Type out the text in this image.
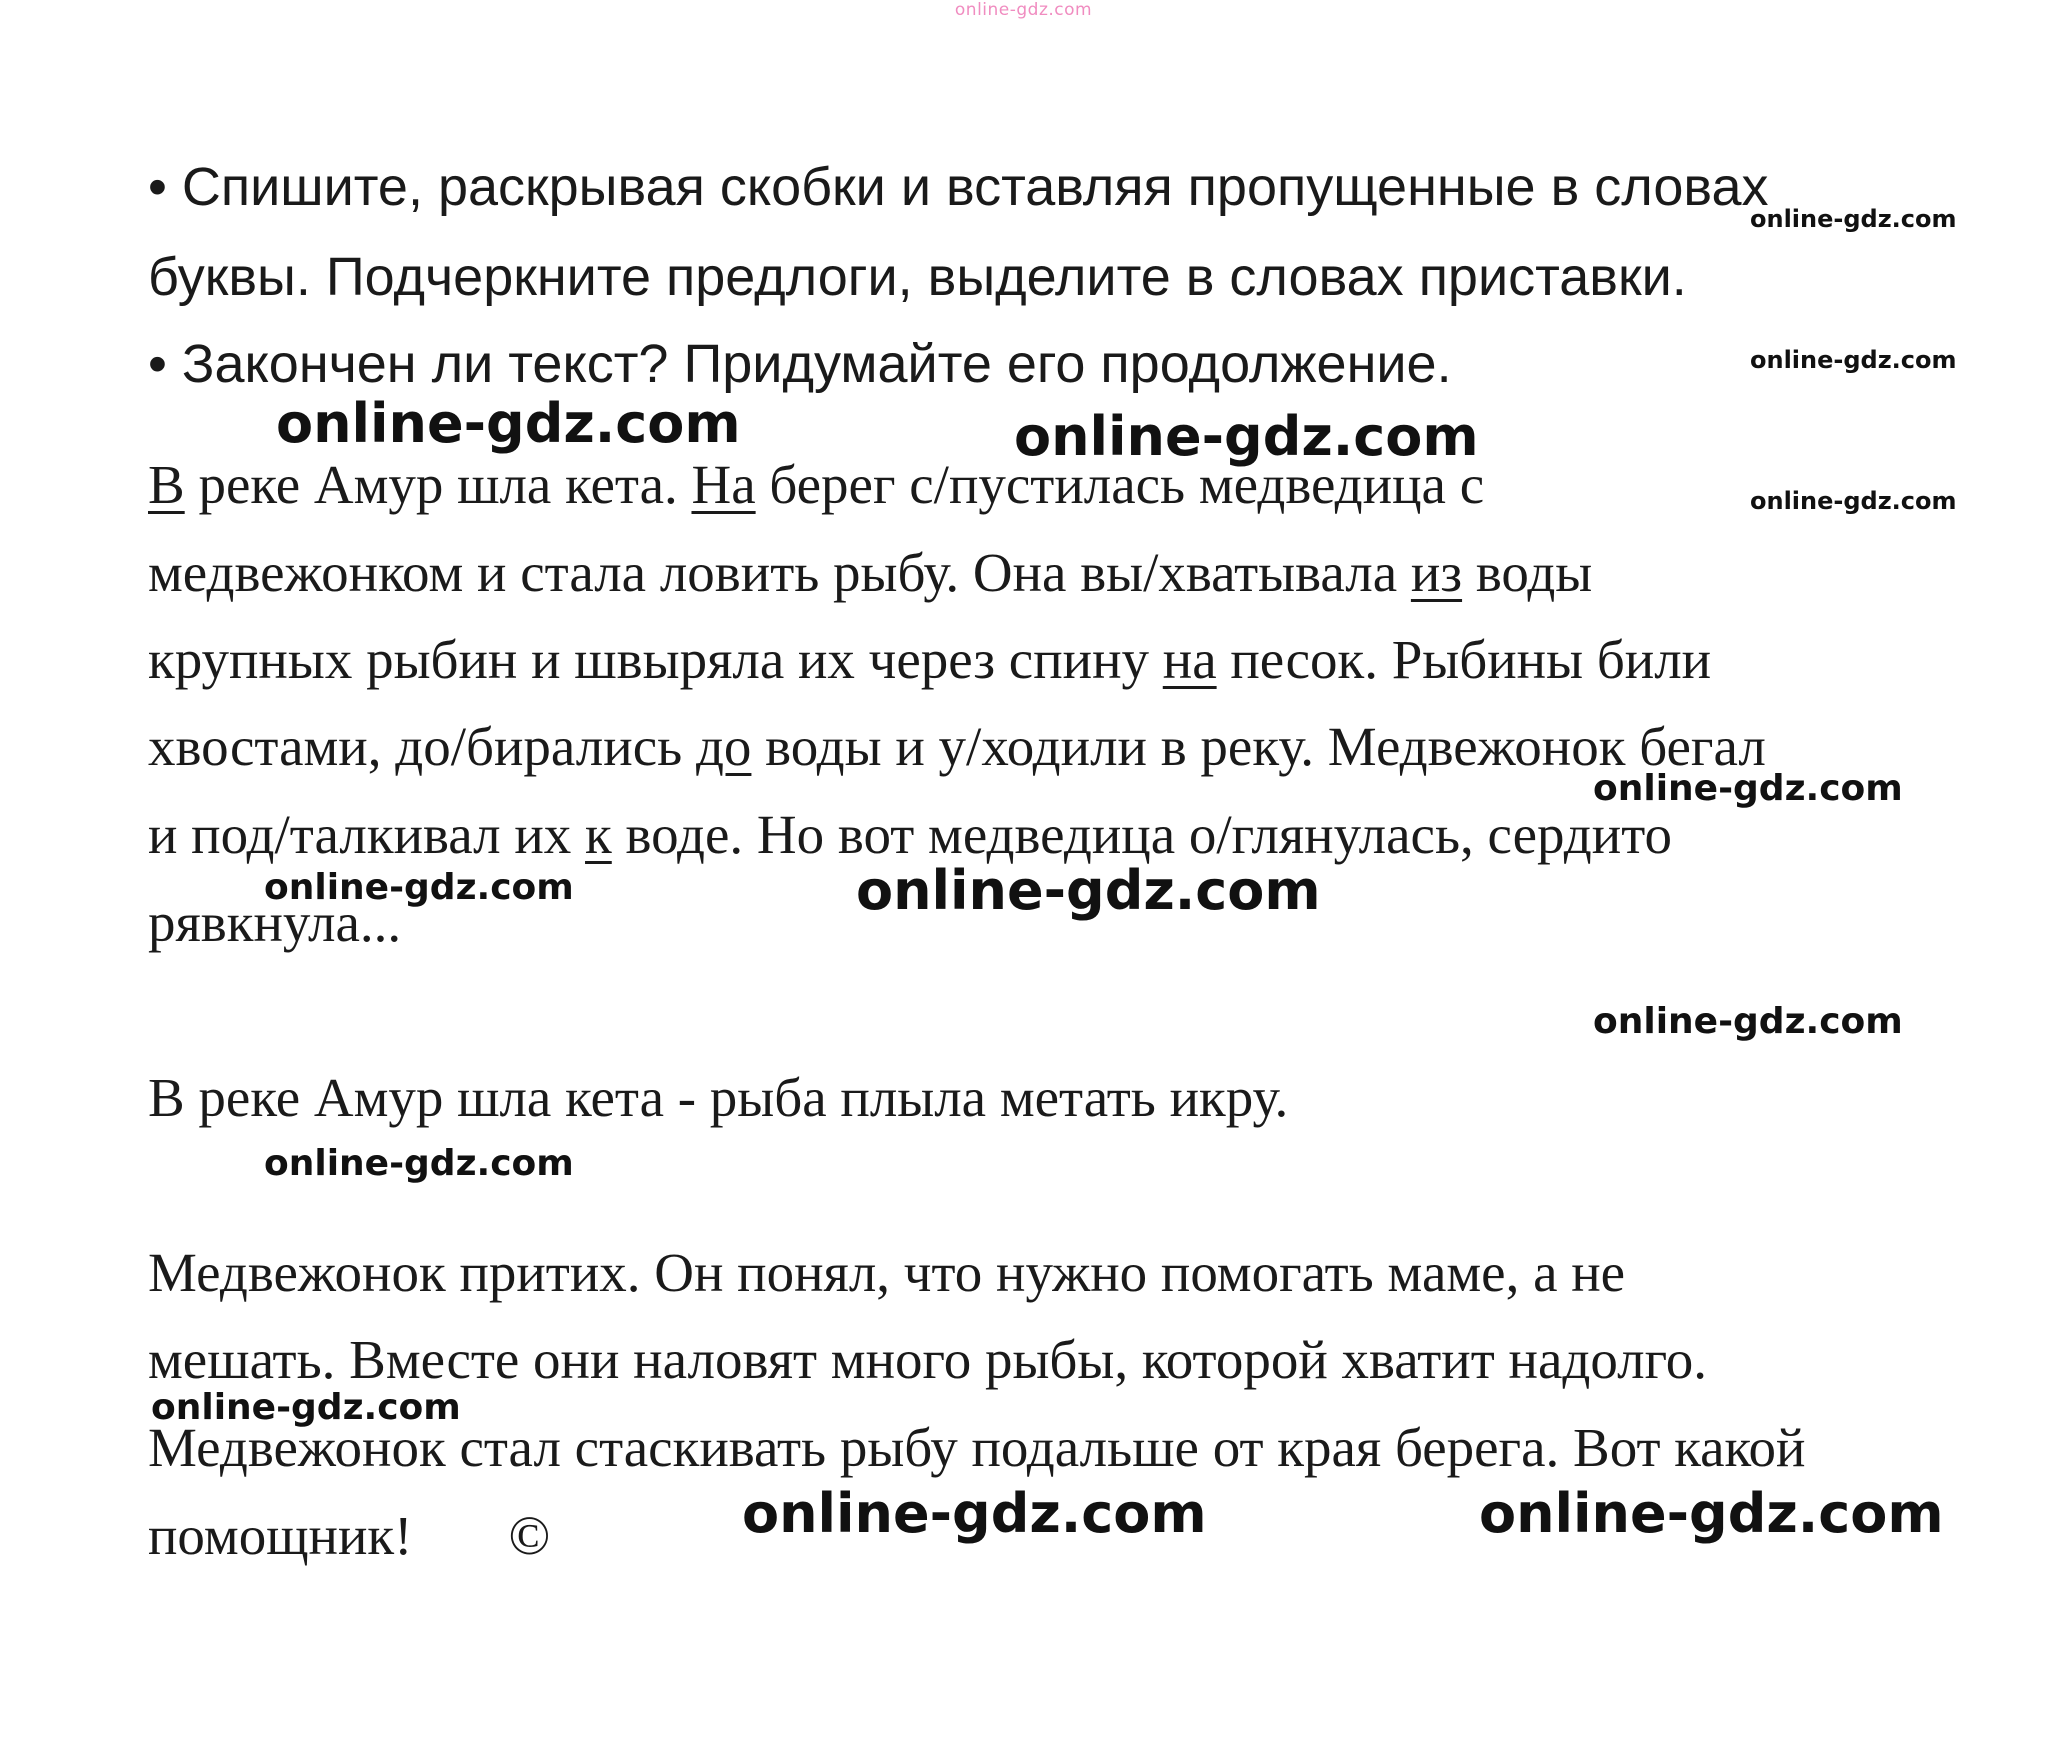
online-gdz.com
• Спишите, раскрывая скобки и вставляя пропущенные в словах
буквы. Подчеркните предлоги, выделите в словах приставки.
• Закончен ли текст? Придумайте его продолжение.
В реке Амур шла кета. На берег с/пустилась медведица с
медвежонком и стала ловить рыбу. Она вы/хватывала из воды
крупных рыбин и швыряла их через спину на песок. Рыбины били
хвостами, до/бирались до воды и у/ходили в реку. Медвежонок бегал
и под/талкивал их к воде. Но вот медведица о/глянулась, сердито
рявкнула...
В реке Амур шла кета - рыба плыла метать икру.
Медвежонок притих. Он понял, что нужно помогать маме, а не
мешать. Вместе они наловят много рыбы, которой хватит надолго.
Медвежонок стал стаскивать рыбу подальше от края берега. Вот какой
помощник! ©
online-gdz.com
online-gdz.com
online-gdz.com	online-gdz.com
online-gdz.com
online-gdz.com
online-gdz.com	online-gdz.com
online-gdz.com
online-gdz.com
online-gdz.com
online-gdz.com	online-gdz.com
